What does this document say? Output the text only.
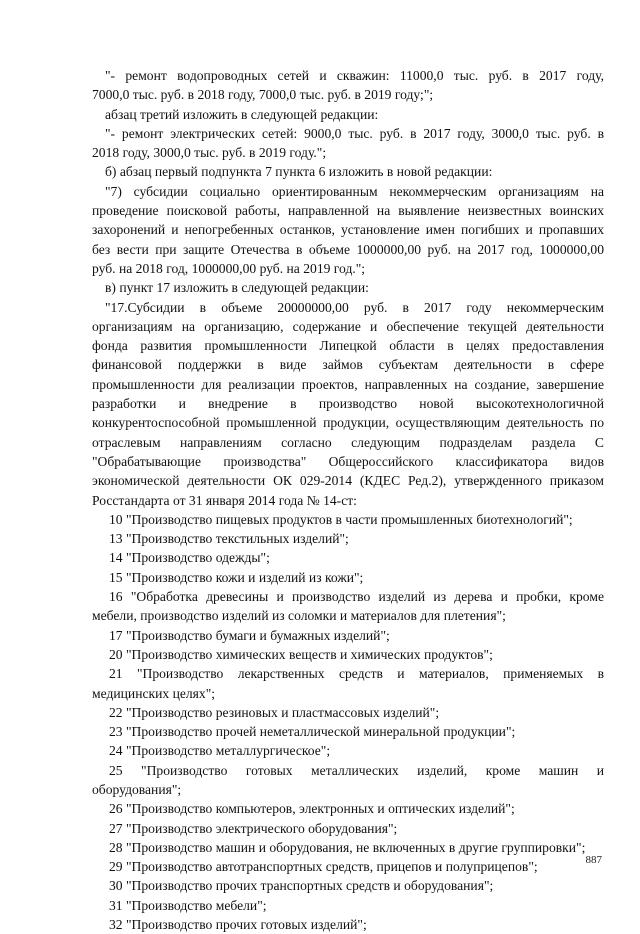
"- ремонт водопроводных сетей и скважин: 11000,0 тыс. руб. в 2017 году,
7000,0 тыс. руб. в 2018 году, 7000,0 тыс. руб. в 2019 году;";
абзац третий изложить в следующей редакции:
"- ремонт электрических сетей: 9000,0 тыс. руб. в 2017 году, 3000,0 тыс. руб. в
2018 году, 3000,0 тыс. руб. в 2019 году.";
б) абзац первый подпункта 7 пункта 6 изложить в новой редакции:
"7) субсидии социально ориентированным некоммерческим организациям на
проведение поисковой работы, направленной на выявление неизвестных воинских
захоронений и непогребенных останков, установление имен погибших и пропавших
без вести при защите Отечества в объеме 1000000,00 руб. на 2017 год, 1000000,00
руб. на 2018 год, 1000000,00 руб. на 2019 год.";
в) пункт 17 изложить в следующей редакции:
"17.Субсидии в объеме 20000000,00 руб. в 2017 году некоммерческим
организациям на организацию, содержание и обеспечение текущей деятельности
фонда развития промышленности Липецкой области в целях предоставления
финансовой поддержки в виде займов субъектам деятельности в сфере
промышленности для реализации проектов, направленных на создание, завершение
разработки и внедрение в производство новой высокотехнологичной
конкурентоспособной промышленной продукции, осуществляющим деятельность по
отраслевым направлениям согласно следующим подразделам раздела С
"Обрабатывающие производства" Общероссийского классификатора видов
экономической деятельности ОК 029-2014 (КДЕС Ред.2), утвержденного приказом
Росстандарта от 31 января 2014 года № 14-ст:
10 "Производство пищевых продуктов в части промышленных биотехнологий";
13 "Производство текстильных изделий";
14 "Производство одежды";
15 "Производство кожи и изделий из кожи";
16 "Обработка древесины и производство изделий из дерева и пробки, кроме
мебели, производство изделий из соломки и материалов для плетения";
17 "Производство бумаги и бумажных изделий";
20 "Производство химических веществ и химических продуктов";
21 "Производство лекарственных средств и материалов, применяемых в
медицинских целях";
22 "Производство резиновых и пластмассовых изделий";
23 "Производство прочей неметаллической минеральной продукции";
24 "Производство металлургическое";
25 "Производство готовых металлических изделий, кроме машин и
оборудования";
26 "Производство компьютеров, электронных и оптических изделий";
27 "Производство электрического оборудования";
28 "Производство машин и оборудования, не включенных в другие группировки";
29 "Производство автотранспортных средств, прицепов и полуприцепов";
30 "Производство прочих транспортных средств и оборудования";
31 "Производство мебели";
32 "Производство прочих готовых изделий";
887
